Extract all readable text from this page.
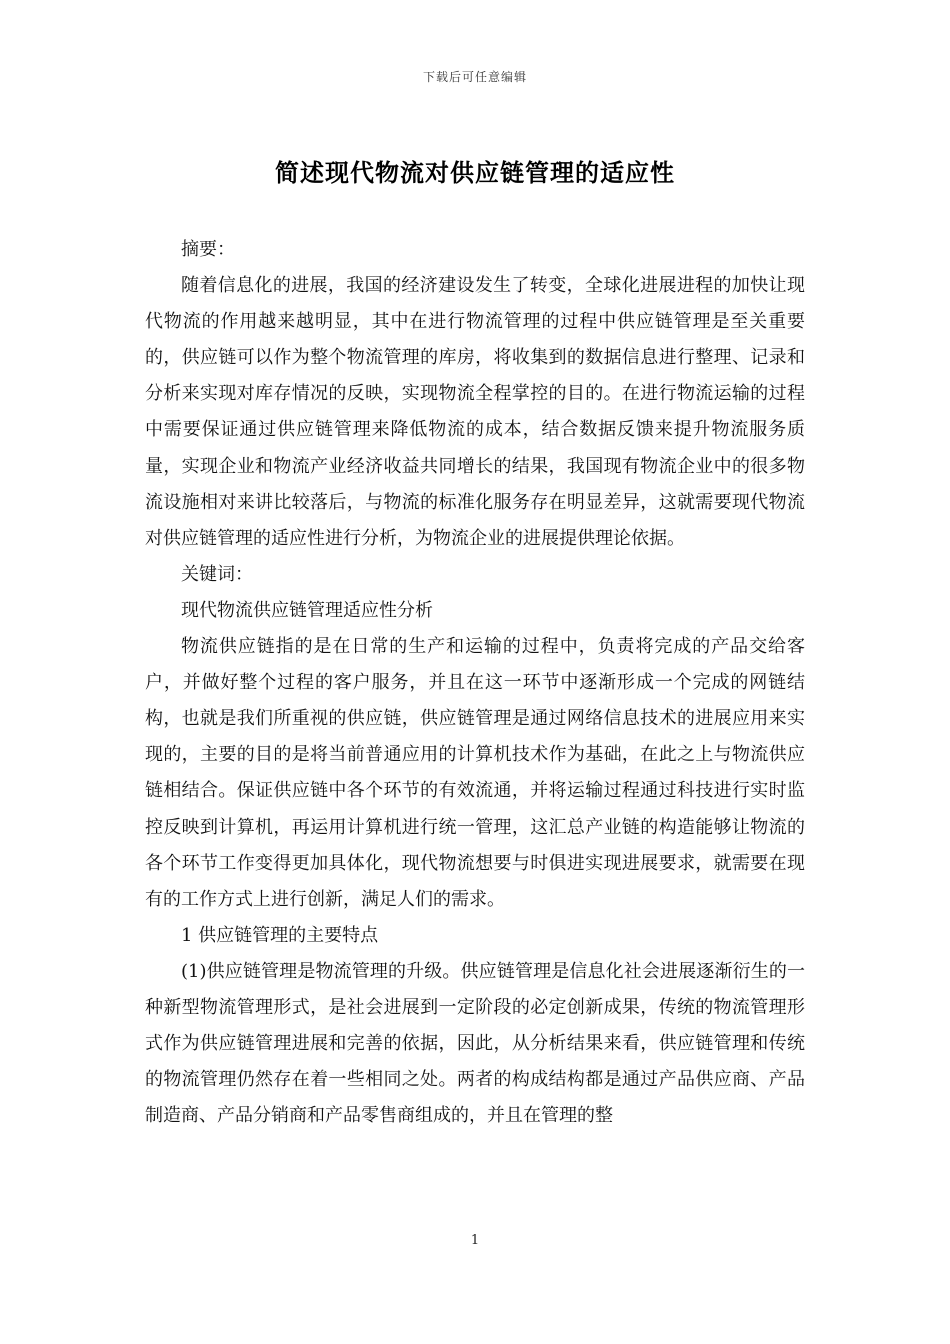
下载后可任意编辑
简述现代物流对供应链管理的适应性

摘要：

随着信息化的进展，我国的经济建设发生了转变，全球化进展进程的加快让现代物流的作用越来越明显，其中在进行物流管理的过程中供应链管理是至关重要的，供应链可以作为整个物流管理的库房，将收集到的数据信息进行整理、记录和分析来实现对库存情况的反映，实现物流全程掌控的目的。在进行物流运输的过程中需要保证通过供应链管理来降低物流的成本，结合数据反馈来提升物流服务质量，实现企业和物流产业经济收益共同增长的结果，我国现有物流企业中的很多物流设施相对来讲比较落后，与物流的标准化服务存在明显差异，这就需要现代物流对供应链管理的适应性进行分析，为物流企业的进展提供理论依据。

关键词：

现代物流供应链管理适应性分析

物流供应链指的是在日常的生产和运输的过程中，负责将完成的产品交给客户，并做好整个过程的客户服务，并且在这一环节中逐渐形成一个完成的网链结构，也就是我们所重视的供应链，供应链管理是通过网络信息技术的进展应用来实现的，主要的目的是将当前普通应用的计算机技术作为基础，在此之上与物流供应链相结合。保证供应链中各个环节的有效流通，并将运输过程通过科技进行实时监控反映到计算机，再运用计算机进行统一管理，这汇总产业链的构造能够让物流的各个环节工作变得更加具体化，现代物流想要与时俱进实现进展要求，就需要在现有的工作方式上进行创新，满足人们的需求。

1 供应链管理的主要特点

(1)供应链管理是物流管理的升级。供应链管理是信息化社会进展逐渐衍生的一种新型物流管理形式，是社会进展到一定阶段的必定创新成果，传统的物流管理形式作为供应链管理进展和完善的依据，因此，从分析结果来看，供应链管理和传统的物流管理仍然存在着一些相同之处。两者的构成结构都是通过产品供应商、产品制造商、产品分销商和产品零售商组成的，并且在管理的整

1
